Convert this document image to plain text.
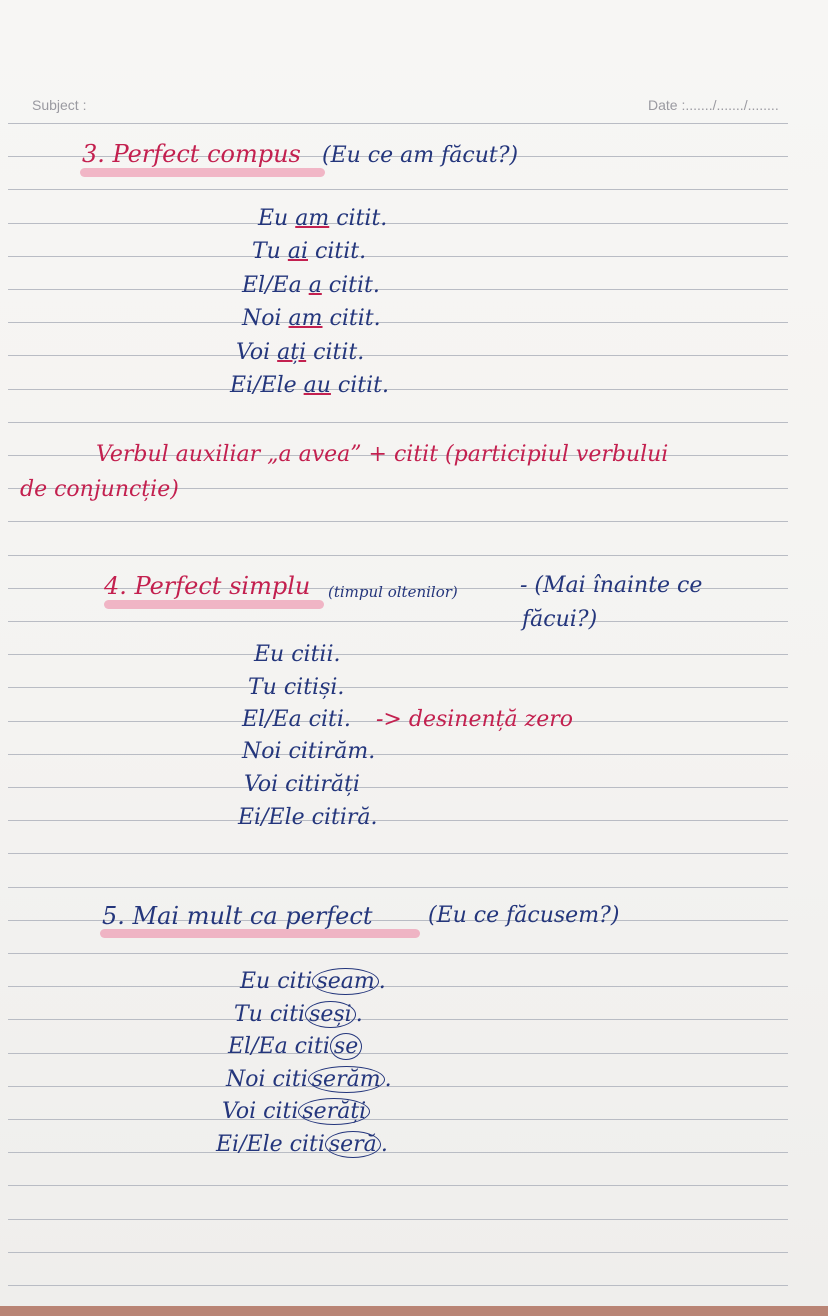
Subject :	Date :......./......./........
3. Perfect compus (Eu ce am făcut?)
Eu am citit.
Tu ai citit.
El/Ea a citit.
Noi am citit.
Voi ați citit.
Ei/Ele au citit.
Verbul auxiliar „a avea” + citit (participiul verbului
de conjuncție)
4. Perfect simplu (timpul oltenilor)	- (Mai înainte ce
făcui?)
Eu citii.
Tu citiși.
El/Ea citi. -> desinență zero
Noi citirăm.
Voi citirăți
Ei/Ele citiră.
5. Mai mult ca perfect	(Eu ce făcusem?)
Eu citi seam .
Tu citi seși .
El/Ea citi se
Noi citi serăm .
Voi citi serăți
Ei/Ele citi seră .
